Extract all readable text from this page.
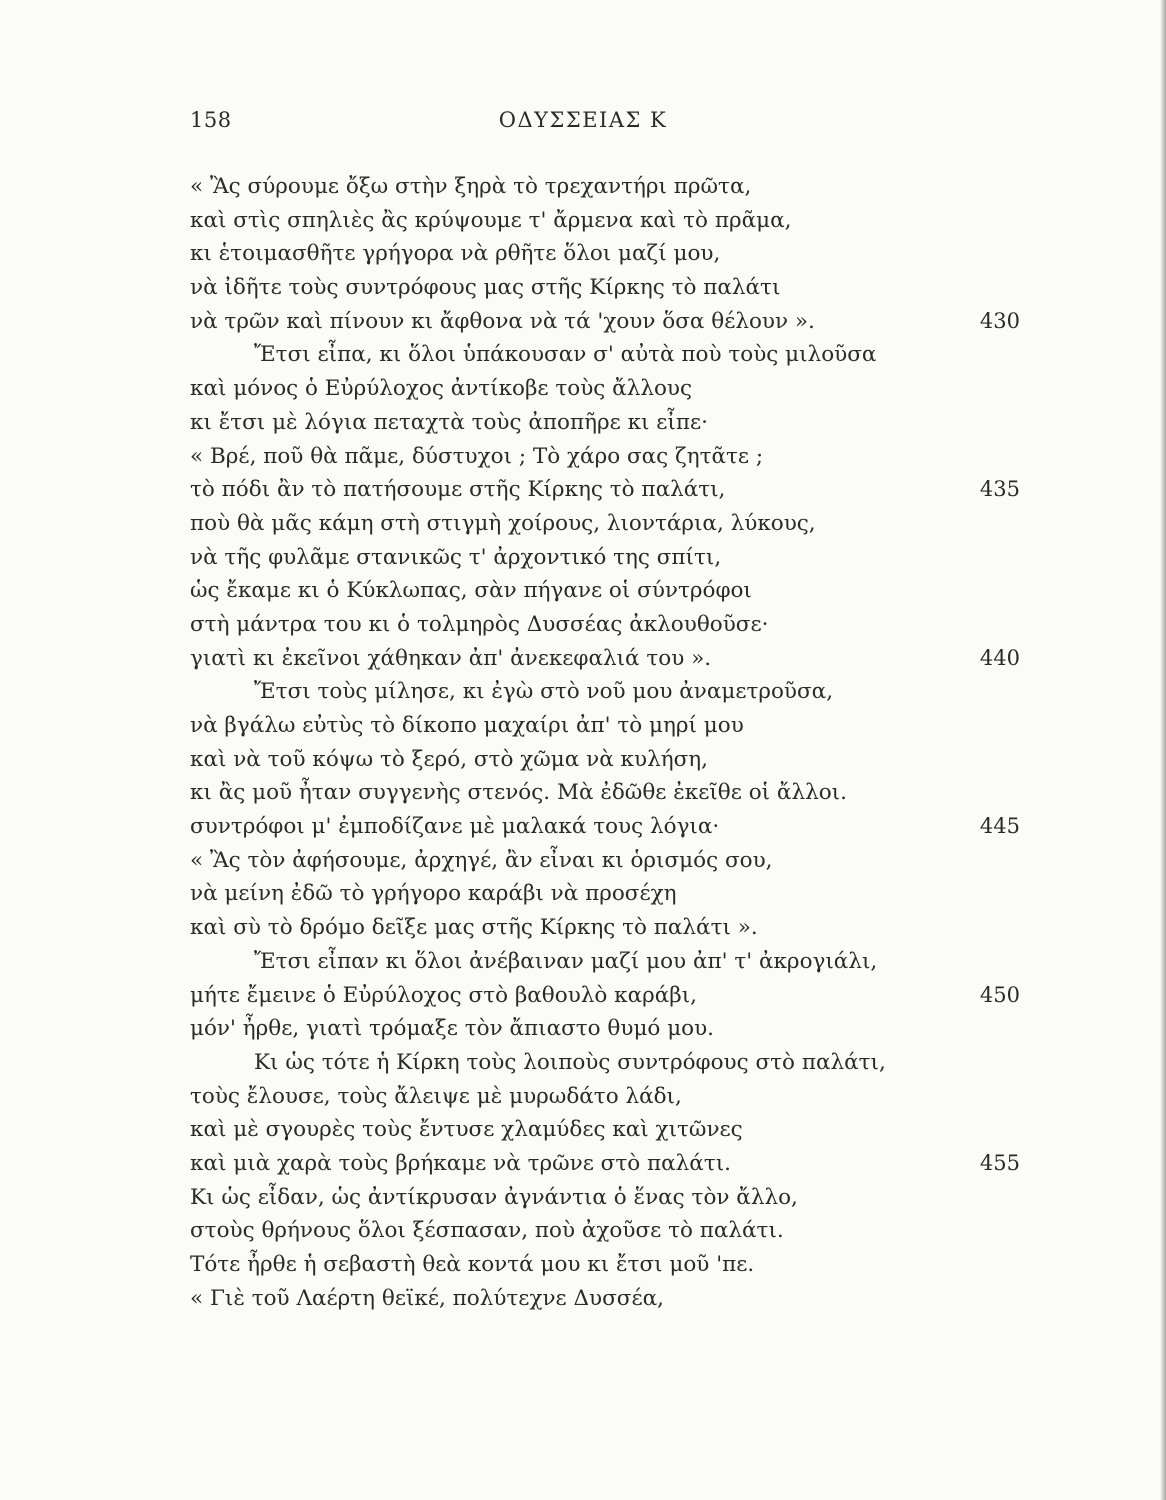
158	ΟΔΥΣΣΕΙΑΣ Κ
« Ἂς σύρουμε ὄξω στὴν ξηρὰ τὸ τρεχαντήρι πρῶτα,
καὶ στὶς σπηλιὲς ἂς κρύψουμε τ' ἄρμενα καὶ τὸ πρᾶμα,
κι ἑτοιμασθῆτε γρήγορα νὰ ρθῆτε ὅλοι μαζί μου,
νὰ ἰδῆτε τοὺς συντρόφους μας στῆς Κίρκης τὸ παλάτι
νὰ τρῶν καὶ πίνουν κι ἄφθονα νὰ τά 'χουν ὅσα θέλουν ».	430
Ἔτσι εἶπα, κι ὅλοι ὑπάκουσαν σ' αὐτὰ ποὺ τοὺς μιλοῦσα
καὶ μόνος ὁ Εὐρύλοχος ἀντίκοβε τοὺς ἄλλους
κι ἔτσι μὲ λόγια πεταχτὰ τοὺς ἀποπῆρε κι εἶπε·
« Βρέ, ποῦ θὰ πᾶμε, δύστυχοι ; Τὸ χάρο σας ζητᾶτε ;
τὸ πόδι ἂν τὸ πατήσουμε στῆς Κίρκης τὸ παλάτι,	435
ποὺ θὰ μᾶς κάμη στὴ στιγμὴ χοίρους, λιοντάρια, λύκους,
νὰ τῆς φυλᾶμε στανικῶς τ' ἀρχοντικό της σπίτι,
ὡς ἔκαμε κι ὁ Κύκλωπας, σὰν πήγανε οἱ σύντρόφοι
στὴ μάντρα του κι ὁ τολμηρὸς Δυσσέας ἀκλουθοῦσε·
γιατὶ κι ἐκεῖνοι χάθηκαν ἀπ' ἀνεκεφαλιά του ».	440
Ἔτσι τοὺς μίλησε, κι ἐγὼ στὸ νοῦ μου ἀναμετροῦσα,
νὰ βγάλω εὐτὺς τὸ δίκοπο μαχαίρι ἀπ' τὸ μηρί μου
καὶ νὰ τοῦ κόψω τὸ ξερό, στὸ χῶμα νὰ κυλήση,
κι ἂς μοῦ ἦταν συγγενὴς στενός. Μὰ ἐδῶθε ἐκεῖθε οἱ ἄλλοι.
συντρόφοι μ' ἐμποδίζανε μὲ μαλακά τους λόγια·	445
« Ἂς τὸν ἀφήσουμε, ἀρχηγέ, ἂν εἶναι κι ὁρισμός σου,
νὰ μείνη ἐδῶ τὸ γρήγορο καράβι νὰ προσέχη
καὶ σὺ τὸ δρόμο δεῖξε μας στῆς Κίρκης τὸ παλάτι ».
Ἔτσι εἶπαν κι ὅλοι ἀνέβαιναν μαζί μου ἀπ' τ' ἀκρογιάλι,
μήτε ἔμεινε ὁ Εὐρύλοχος στὸ βαθουλὸ καράβι,	450
μόν' ἦρθε, γιατὶ τρόμαξε τὸν ἄπιαστο θυμό μου.
Κι ὡς τότε ἡ Κίρκη τοὺς λοιποὺς συντρόφους στὸ παλάτι,
τοὺς ἔλουσε, τοὺς ἄλειψε μὲ μυρωδάτο λάδι,
καὶ μὲ σγουρὲς τοὺς ἔντυσε χλαμύδες καὶ χιτῶνες
καὶ μιὰ χαρὰ τοὺς βρήκαμε νὰ τρῶνε στὸ παλάτι.	455
Κι ὡς εἶδαν, ὡς ἀντίκρυσαν ἀγνάντια ὁ ἕνας τὸν ἄλλο,
στοὺς θρήνους ὅλοι ξέσπασαν, ποὺ ἀχοῦσε τὸ παλάτι.
Τότε ἦρθε ἡ σεβαστὴ θεὰ κοντά μου κι ἔτσι μοῦ 'πε.
« Γιὲ τοῦ Λαέρτη θεϊκέ, πολύτεχνε Δυσσέα,
